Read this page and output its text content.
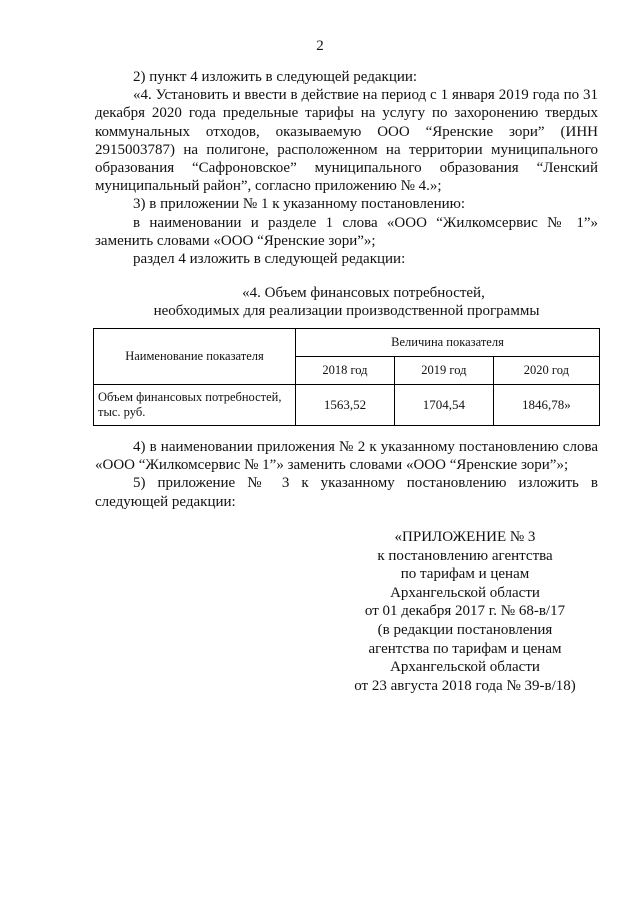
2

2) пункт 4 изложить в следующей редакции:

«4. Установить и ввести в действие на период с 1 января 2019 года по 31 декабря 2020 года предельные тарифы на услугу по захоронению твердых коммунальных отходов, оказываемую ООО “Яренские зори” (ИНН 2915003787) на полигоне, расположенном на территории муниципального образования “Сафроновское” муниципального образования “Ленский муниципальный район”, согласно приложению № 4.»;

3) в приложении № 1 к указанному постановлению:

в наименовании и разделе 1 слова «ООО “Жилкомсервис № 1”» заменить словами «ООО “Яренские зори”»;

раздел 4 изложить в следующей редакции:

«4. Объем финансовых потребностей,
необходимых для реализации производственной программы
Наименование показателя	Величина показателя		
	2018 год	2019 год	2020 год
Объем финансовых потребностей, тыс. руб.	1563,52	1704,54	1846,78»

4) в наименовании приложения № 2 к указанному постановлению слова «ООО “Жилкомсервис № 1”» заменить словами «ООО “Яренские зори”»;

5) приложение № 3 к указанному постановлению изложить в следующей редакции:

«ПРИЛОЖЕНИЕ № 3
к постановлению агентства
по тарифам и ценам
Архангельской области
от 01 декабря 2017 г. № 68-в/17
(в редакции постановления
агентства по тарифам и ценам
Архангельской области
от 23 августа 2018 года № 39-в/18)
